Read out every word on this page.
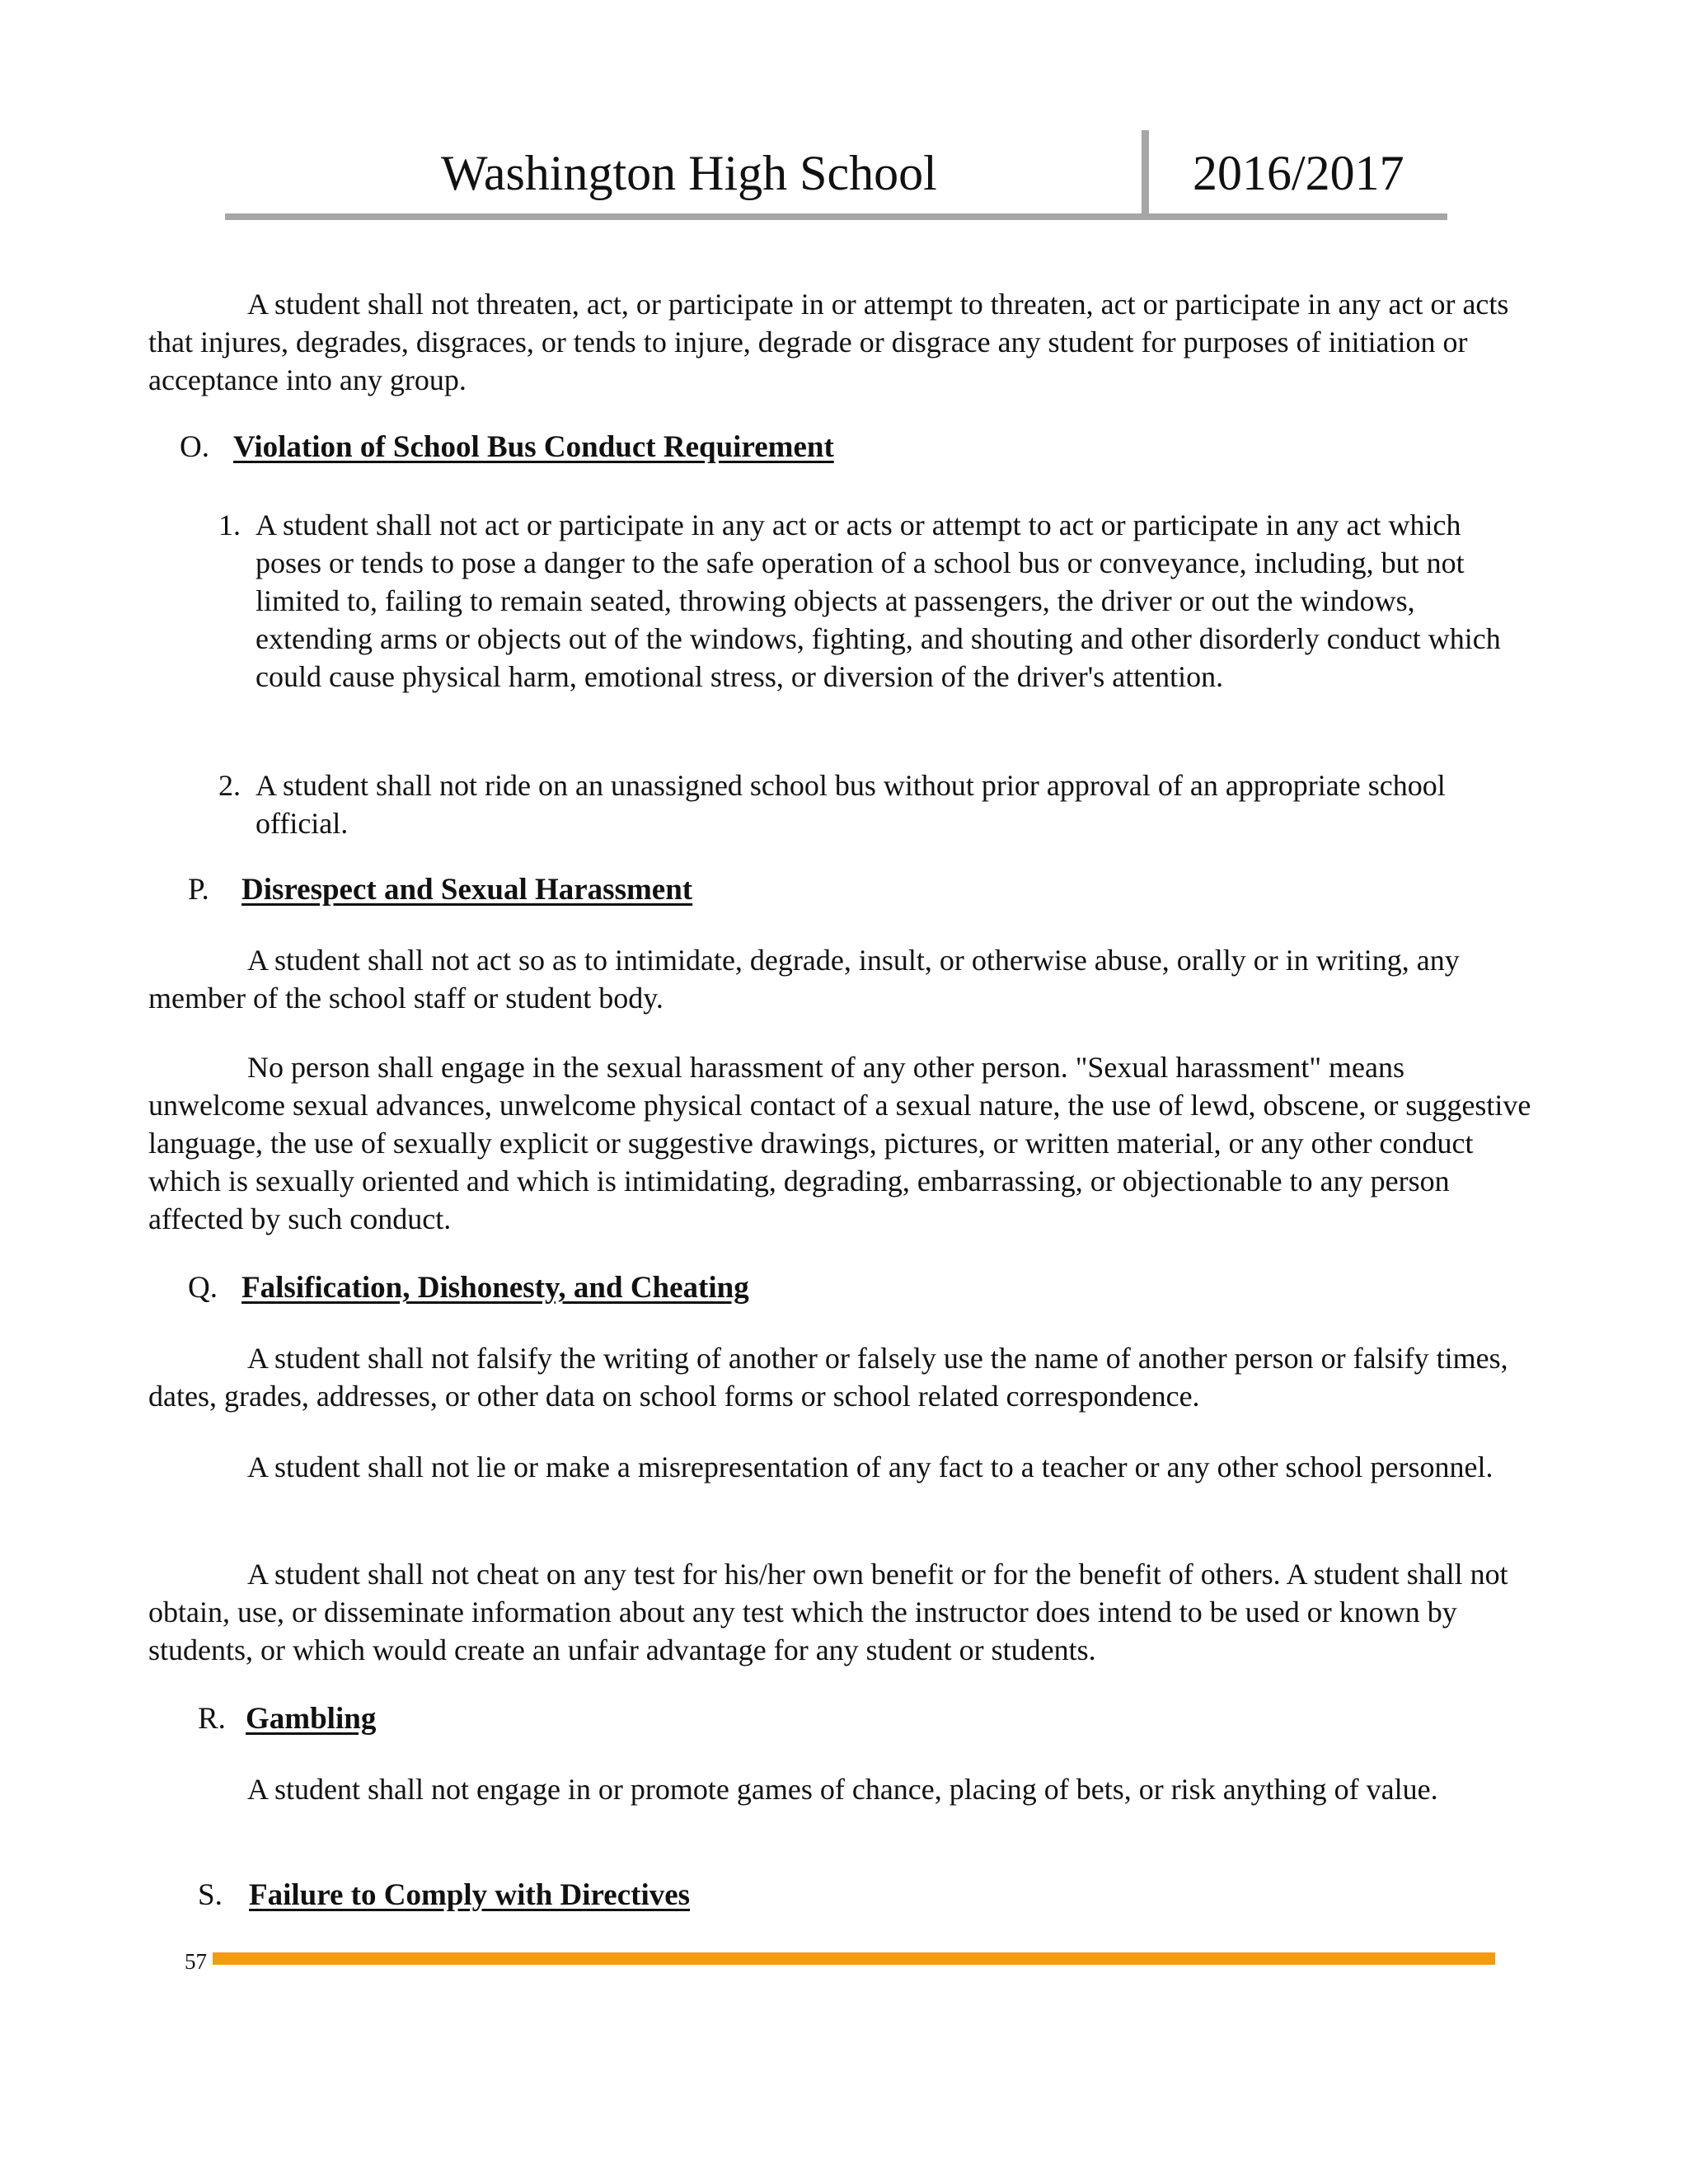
Washington High School	2016/2017

A student shall not threaten, act, or participate in or attempt to threaten, act or participate in any act or acts that injures, degrades, disgraces, or tends to injure, degrade or disgrace any student for purposes of initiation or acceptance into any group.

O. Violation of School Bus Conduct Requirement
1. A student shall not act or participate in any act or acts or attempt to act or participate in any act which poses or tends to pose a danger to the safe operation of a school bus or conveyance, including, but not limited to, failing to remain seated, throwing objects at passengers, the driver or out the windows, extending arms or objects out of the windows, fighting, and shouting and other disorderly conduct which could cause physical harm, emotional stress, or diversion of the driver's attention.
2. A student shall not ride on an unassigned school bus without prior approval of an appropriate school official.
P. Disrespect and Sexual Harassment

A student shall not act so as to intimidate, degrade, insult, or otherwise abuse, orally or in writing, any member of the school staff or student body.

No person shall engage in the sexual harassment of any other person. "Sexual harassment" means unwelcome sexual advances, unwelcome physical contact of a sexual nature, the use of lewd, obscene, or suggestive language, the use of sexually explicit or suggestive drawings, pictures, or written material, or any other conduct which is sexually oriented and which is intimidating, degrading, embarrassing, or objectionable to any person affected by such conduct.

Q. Falsification, Dishonesty, and Cheating

A student shall not falsify the writing of another or falsely use the name of another person or falsify times, dates, grades, addresses, or other data on school forms or school related correspondence.

A student shall not lie or make a misrepresentation of any fact to a teacher or any other school personnel.

A student shall not cheat on any test for his/her own benefit or for the benefit of others. A student shall not obtain, use, or disseminate information about any test which the instructor does intend to be used or known by students, or which would create an unfair advantage for any student or students.

R. Gambling

A student shall not engage in or promote games of chance, placing of bets, or risk anything of value.

S. Failure to Comply with Directives
57
